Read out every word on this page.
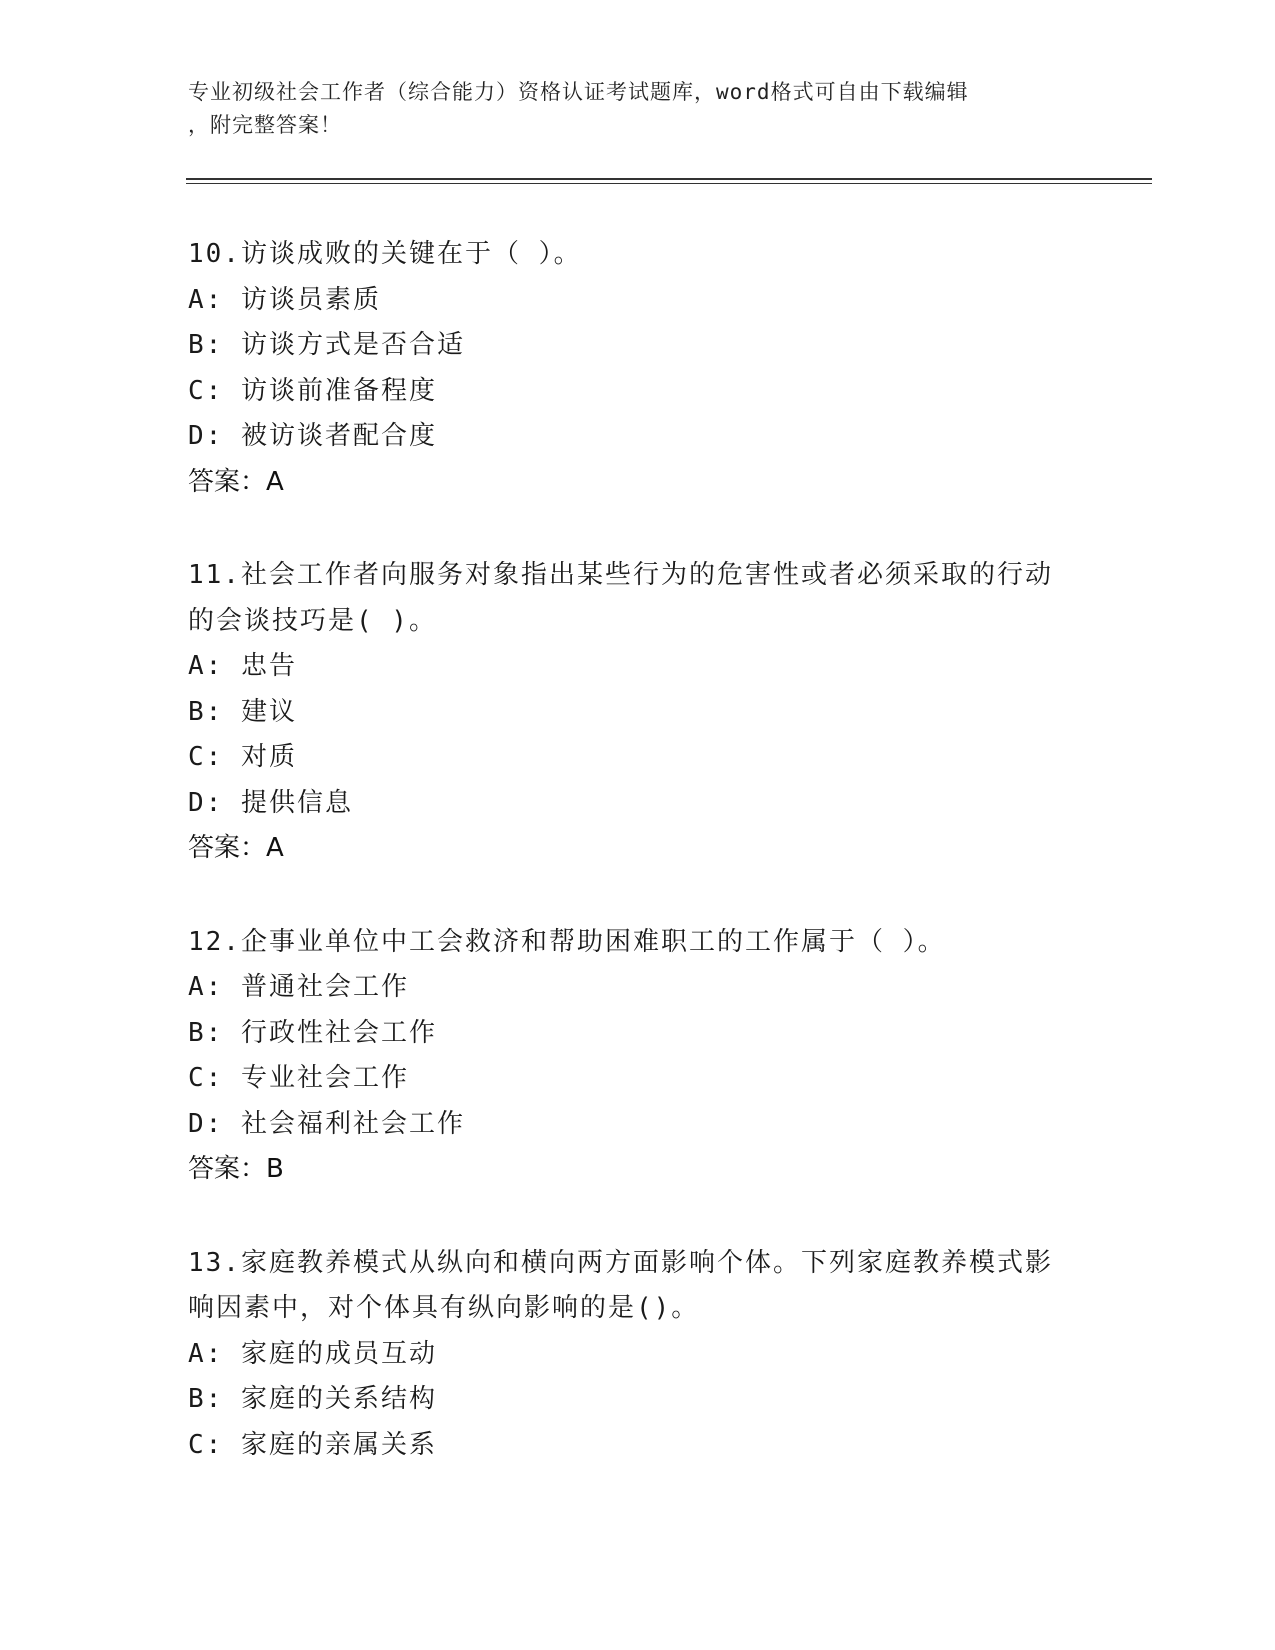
专业初级社会工作者（综合能力）资格认证考试题库，word格式可自由下载编辑
，附完整答案！

10.访谈成败的关键在于（ ）。

A: 访谈员素质

B: 访谈方式是否合适

C: 访谈前准备程度

D: 被访谈者配合度

答案：A

11.社会工作者向服务对象指出某些行为的危害性或者必须采取的行动

的会谈技巧是( )。

A: 忠告

B: 建议

C: 对质

D: 提供信息

答案：A

12.企事业单位中工会救济和帮助困难职工的工作属于（ ）。

A: 普通社会工作

B: 行政性社会工作

C: 专业社会工作

D: 社会福利社会工作

答案：B

13.家庭教养模式从纵向和横向两方面影响个体。下列家庭教养模式影

响因素中，对个体具有纵向影响的是()。

A: 家庭的成员互动

B: 家庭的关系结构

C: 家庭的亲属关系
